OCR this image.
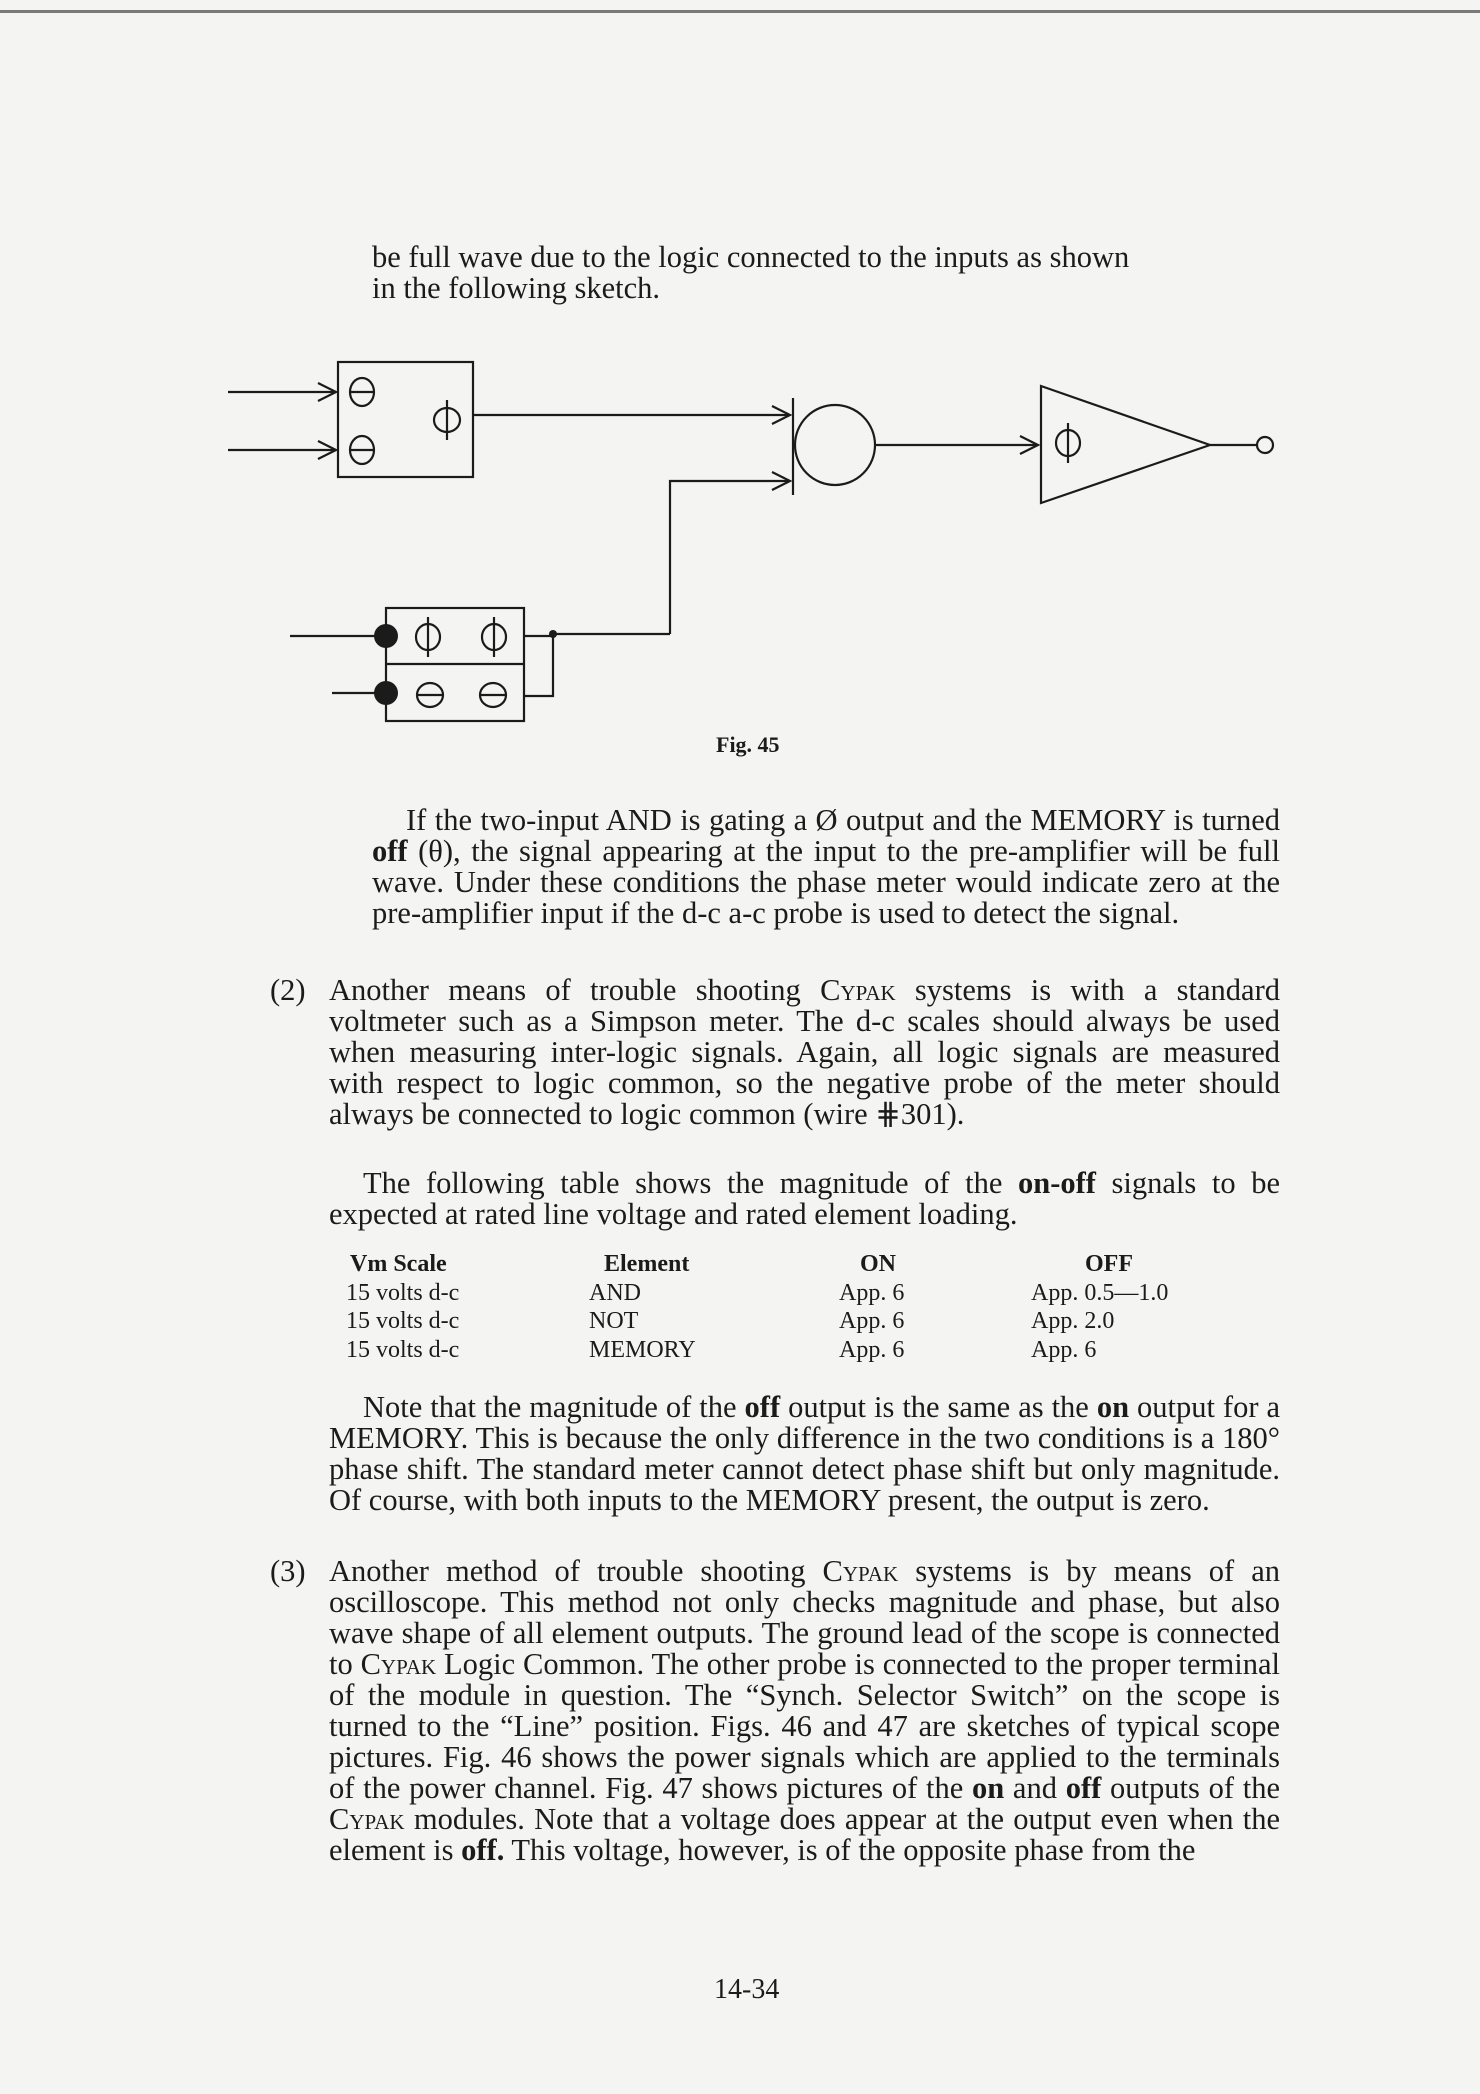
be full wave due to the logic connected to the inputs as shown

in the following sketch.

Fig. 45

If the two-input AND is gating a Ø output and the MEMORY is turned off (θ), the signal appearing at the input to the pre-amplifier will be full wave. Under these conditions the phase meter would indicate zero at the pre-amplifier input if the d-c a-c probe is used to detect the signal.

(2) Another means of trouble shooting Cypak systems is with a standard voltmeter such as a Simpson meter. The d-c scales should always be used when measuring inter-logic signals. Again, all logic signals are measured with respect to logic common, so the negative probe of the meter should always be connected to logic common (wire ⋕301).

The following table shows the magnitude of the on-off signals to be expected at rated line voltage and rated element loading.

Vm Scale
15 volts d-c
15 volts d-c
15 volts d-c
Element
AND
NOT
MEMORY
ON
App. 6
App. 6
App. 6
OFF
App. 0.5—1.0
App. 2.0
App. 6

Note that the magnitude of the off output is the same as the on output for a MEMORY. This is because the only difference in the two conditions is a 180° phase shift. The standard meter cannot detect phase shift but only magnitude. Of course, with both inputs to the MEMORY present, the output is zero.

(3) Another method of trouble shooting Cypak systems is by means of an oscilloscope. This method not only checks magnitude and phase, but also wave shape of all element outputs. The ground lead of the scope is connected to Cypak Logic Common. The other probe is connected to the proper terminal of the module in question. The “Synch. Selector Switch” on the scope is turned to the “Line” position. Figs. 46 and 47 are sketches of typical scope pictures. Fig. 46 shows the power signals which are applied to the terminals of the power channel. Fig. 47 shows pictures of the on and off outputs of the Cypak modules. Note that a voltage does appear at the output even when the element is off. This voltage, however, is of the opposite phase from the

14-34
